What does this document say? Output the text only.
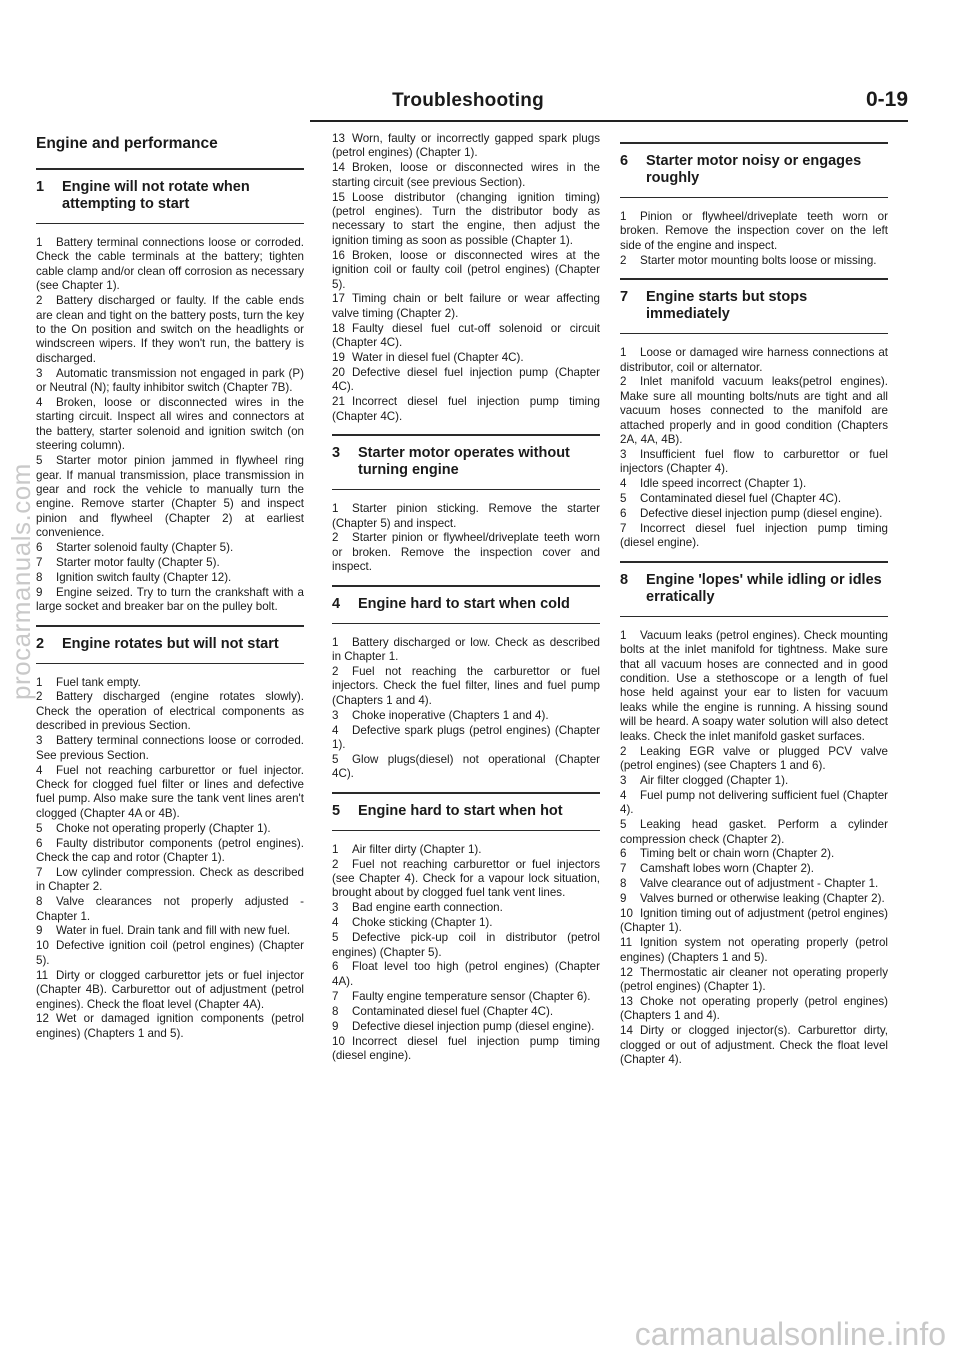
Troubleshooting	0-19
Engine and performance
1	Engine will not rotate when attempting to start
1 Battery terminal connections loose or corroded. Check the cable terminals at the battery; tighten cable clamp and/or clean off corrosion as necessary (see Chapter 1).
2 Battery discharged or faulty. If the cable ends are clean and tight on the battery posts, turn the key to the On position and switch on the headlights or windscreen wipers. If they won't run, the battery is discharged.
3 Automatic transmission not engaged in park (P) or Neutral (N); faulty inhibitor switch (Chapter 7B).
4 Broken, loose or disconnected wires in the starting circuit. Inspect all wires and connectors at the battery, starter solenoid and ignition switch (on steering column).
5 Starter motor pinion jammed in flywheel ring gear. If manual transmission, place transmission in gear and rock the vehicle to manually turn the engine. Remove starter (Chapter 5) and inspect pinion and flywheel (Chapter 2) at earliest convenience.
6 Starter solenoid faulty (Chapter 5).
7 Starter motor faulty (Chapter 5).
8 Ignition switch faulty (Chapter 12).
9 Engine seized. Try to turn the crankshaft with a large socket and breaker bar on the pulley bolt.
2	Engine rotates but will not start
1 Fuel tank empty.
2 Battery discharged (engine rotates slowly). Check the operation of electrical components as described in previous Section.
3 Battery terminal connections loose or corroded. See previous Section.
4 Fuel not reaching carburettor or fuel injector. Check for clogged fuel filter or lines and defective fuel pump. Also make sure the tank vent lines aren't clogged (Chapter 4A or 4B).
5 Choke not operating properly (Chapter 1).
6 Faulty distributor components (petrol engines). Check the cap and rotor (Chapter 1).
7 Low cylinder compression. Check as described in Chapter 2.
8 Valve clearances not properly adjusted - Chapter 1.
9 Water in fuel. Drain tank and fill with new fuel.
10 Defective ignition coil (petrol engines) (Chapter 5).
11 Dirty or clogged carburettor jets or fuel injector (Chapter 4B). Carburettor out of adjustment (petrol engines). Check the float level (Chapter 4A).
12 Wet or damaged ignition components (petrol engines) (Chapters 1 and 5).
13 Worn, faulty or incorrectly gapped spark plugs (petrol engines) (Chapter 1).
14 Broken, loose or disconnected wires in the starting circuit (see previous Section).
15 Loose distributor (changing ignition timing) (petrol engines). Turn the distributor body as necessary to start the engine, then adjust the ignition timing as soon as possible (Chapter 1).
16 Broken, loose or disconnected wires at the ignition coil or faulty coil (petrol engines) (Chapter 5).
17 Timing chain or belt failure or wear affecting valve timing (Chapter 2).
18 Faulty diesel fuel cut-off solenoid or circuit (Chapter 4C).
19 Water in diesel fuel (Chapter 4C).
20 Defective diesel fuel injection pump (Chapter 4C).
21 Incorrect diesel fuel injection pump timing (Chapter 4C).
3	Starter motor operates without turning engine
1 Starter pinion sticking. Remove the starter (Chapter 5) and inspect.
2 Starter pinion or flywheel/driveplate teeth worn or broken. Remove the inspection cover and inspect.
4	Engine hard to start when cold
1 Battery discharged or low. Check as described in Chapter 1.
2 Fuel not reaching the carburettor or fuel injectors. Check the fuel filter, lines and fuel pump (Chapters 1 and 4).
3 Choke inoperative (Chapters 1 and 4).
4 Defective spark plugs (petrol engines) (Chapter 1).
5 Glow plugs(diesel) not operational (Chapter 4C).
5	Engine hard to start when hot
1 Air filter dirty (Chapter 1).
2 Fuel not reaching carburettor or fuel injectors (see Chapter 4). Check for a vapour lock situation, brought about by clogged fuel tank vent lines.
3 Bad engine earth connection.
4 Choke sticking (Chapter 1).
5 Defective pick-up coil in distributor (petrol engines) (Chapter 5).
6 Float level too high (petrol engines) (Chapter 4A).
7 Faulty engine temperature sensor (Chapter 6).
8 Contaminated diesel fuel (Chapter 4C).
9 Defective diesel injection pump (diesel engine).
10 Incorrect diesel fuel injection pump timing (diesel engine).
6	Starter motor noisy or engages roughly
1 Pinion or flywheel/driveplate teeth worn or broken. Remove the inspection cover on the left side of the engine and inspect.
2 Starter motor mounting bolts loose or missing.
7	Engine starts but stops immediately
1 Loose or damaged wire harness connections at distributor, coil or alternator.
2 Inlet manifold vacuum leaks(petrol engines). Make sure all mounting bolts/nuts are tight and all vacuum hoses connected to the manifold are attached properly and in good condition (Chapters 2A, 4A, 4B).
3 Insufficient fuel flow to carburettor or fuel injectors (Chapter 4).
4 Idle speed incorrect (Chapter 1).
5 Contaminated diesel fuel (Chapter 4C).
6 Defective diesel injection pump (diesel engine).
7 Incorrect diesel fuel injection pump timing (diesel engine).
8	Engine 'lopes' while idling or idles erratically
1 Vacuum leaks (petrol engines). Check mounting bolts at the inlet manifold for tightness. Make sure that all vacuum hoses are connected and in good condition. Use a stethoscope or a length of fuel hose held against your ear to listen for vacuum leaks while the engine is running. A hissing sound will be heard. A soapy water solution will also detect leaks. Check the inlet manifold gasket surfaces.
2 Leaking EGR valve or plugged PCV valve (petrol engines) (see Chapters 1 and 6).
3 Air filter clogged (Chapter 1).
4 Fuel pump not delivering sufficient fuel (Chapter 4).
5 Leaking head gasket. Perform a cylinder compression check (Chapter 2).
6 Timing belt or chain worn (Chapter 2).
7 Camshaft lobes worn (Chapter 2).
8 Valve clearance out of adjustment - Chapter 1.
9 Valves burned or otherwise leaking (Chapter 2).
10 Ignition timing out of adjustment (petrol engines) (Chapter 1).
11 Ignition system not operating properly (petrol engines) (Chapters 1 and 5).
12 Thermostatic air cleaner not operating properly (petrol engines) (Chapter 1).
13 Choke not operating properly (petrol engines) (Chapters 1 and 4).
14 Dirty or clogged injector(s). Carburettor dirty, clogged or out of adjustment. Check the float level (Chapter 4).
procarmanuals.com
carmanualsonline.info
